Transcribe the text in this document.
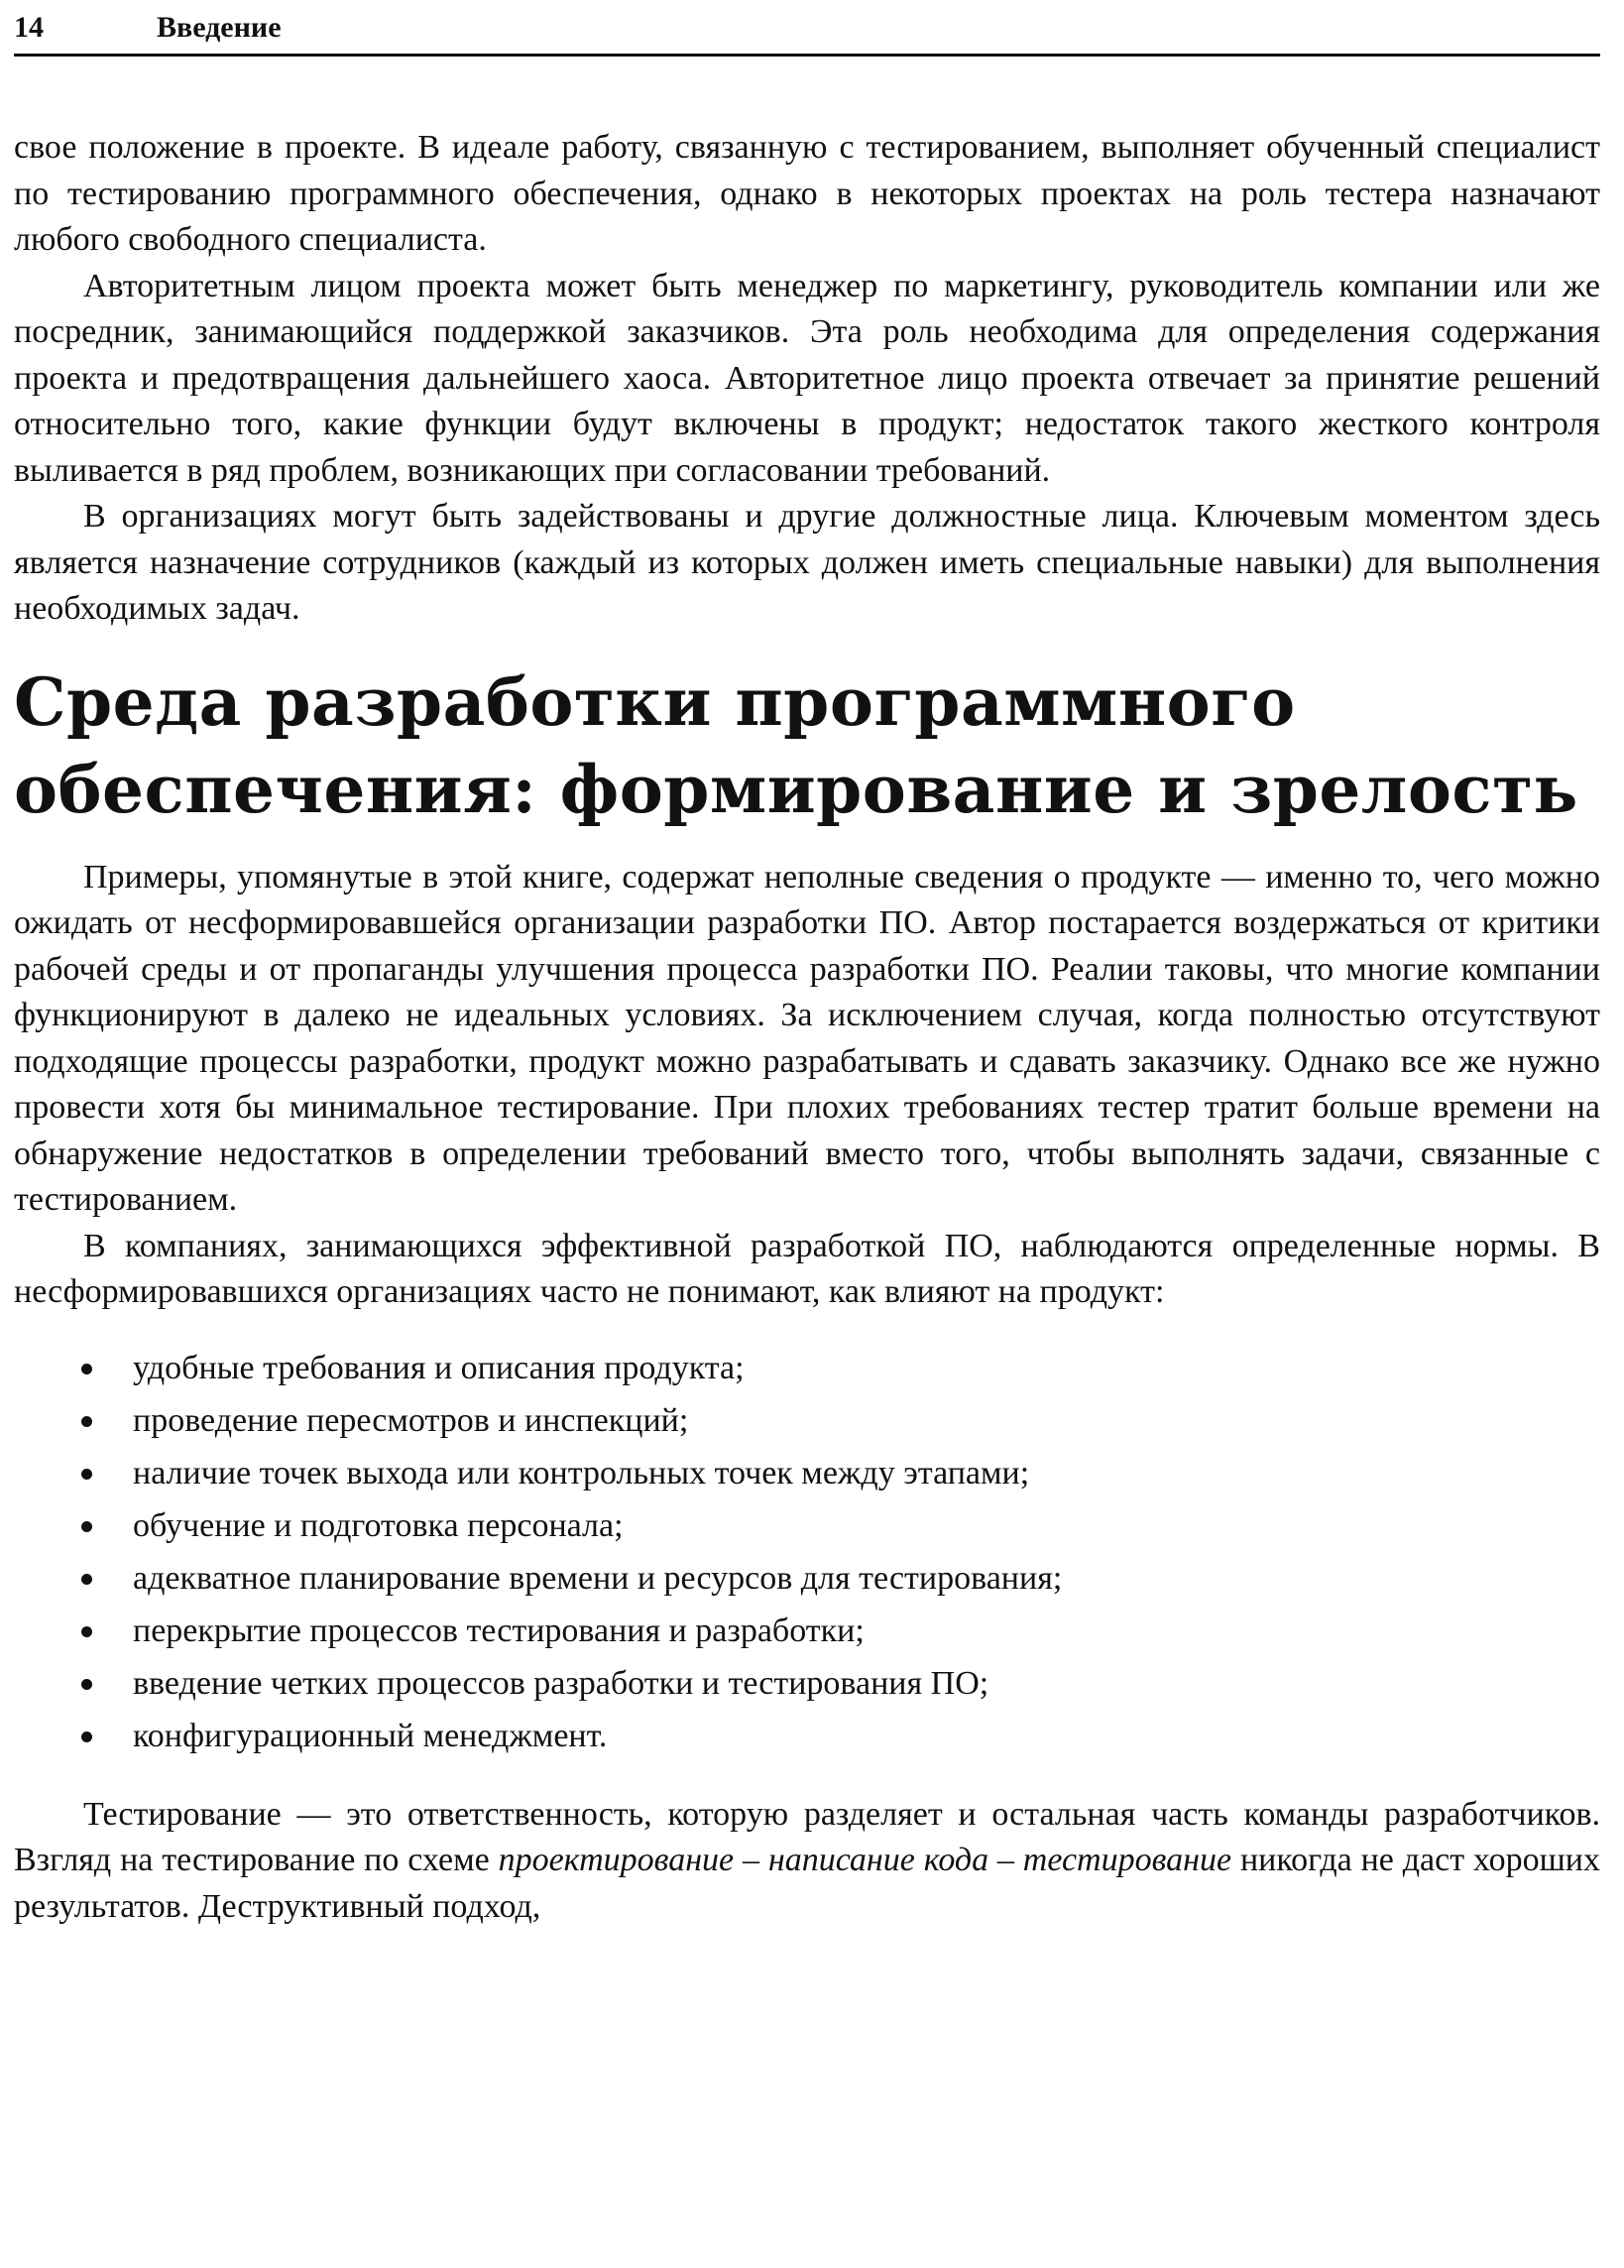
14	Введение

свое положение в проекте. В идеале работу, связанную с тестированием, выполняет обученный специалист по тестированию программного обеспечения, однако в некоторых проектах на роль тестера назначают любого свободного специалиста.

Авторитетным лицом проекта может быть менеджер по маркетингу, руководитель компании или же посредник, занимающийся поддержкой заказчиков. Эта роль необходима для определения содержания проекта и предотвращения дальнейшего хаоса. Авторитетное лицо проекта отвечает за принятие решений относительно того, какие функции будут включены в продукт; недостаток такого жесткого контроля выливается в ряд проблем, возникающих при согласовании требований.

В организациях могут быть задействованы и другие должностные лица. Ключевым моментом здесь является назначение сотрудников (каждый из которых должен иметь специальные навыки) для выполнения необходимых задач.

Среда разработки программного обеспечения: формирование и зрелость

Примеры, упомянутые в этой книге, содержат неполные сведения о продукте — именно то, чего можно ожидать от несформировавшейся организации разработки ПО. Автор постарается воздержаться от критики рабочей среды и от пропаганды улучшения процесса разработки ПО. Реалии таковы, что многие компании функционируют в далеко не идеальных условиях. За исключением случая, когда полностью отсутствуют подходящие процессы разработки, продукт можно разрабатывать и сдавать заказчику. Однако все же нужно провести хотя бы минимальное тестирование. При плохих требованиях тестер тратит больше времени на обнаружение недостатков в определении требований вместо того, чтобы выполнять задачи, связанные с тестированием.

В компаниях, занимающихся эффективной разработкой ПО, наблюдаются определенные нормы. В несформировавшихся организациях часто не понимают, как влияют на продукт:

удобные требования и описания продукта;
проведение пересмотров и инспекций;
наличие точек выхода или контрольных точек между этапами;
обучение и подготовка персонала;
адекватное планирование времени и ресурсов для тестирования;
перекрытие процессов тестирования и разработки;
введение четких процессов разработки и тестирования ПО;
конфигурационный менеджмент.

Тестирование — это ответственность, которую разделяет и остальная часть команды разработчиков. Взгляд на тестирование по схеме проектирование – написание кода – тестирование никогда не даст хороших результатов. Деструктивный подход,
